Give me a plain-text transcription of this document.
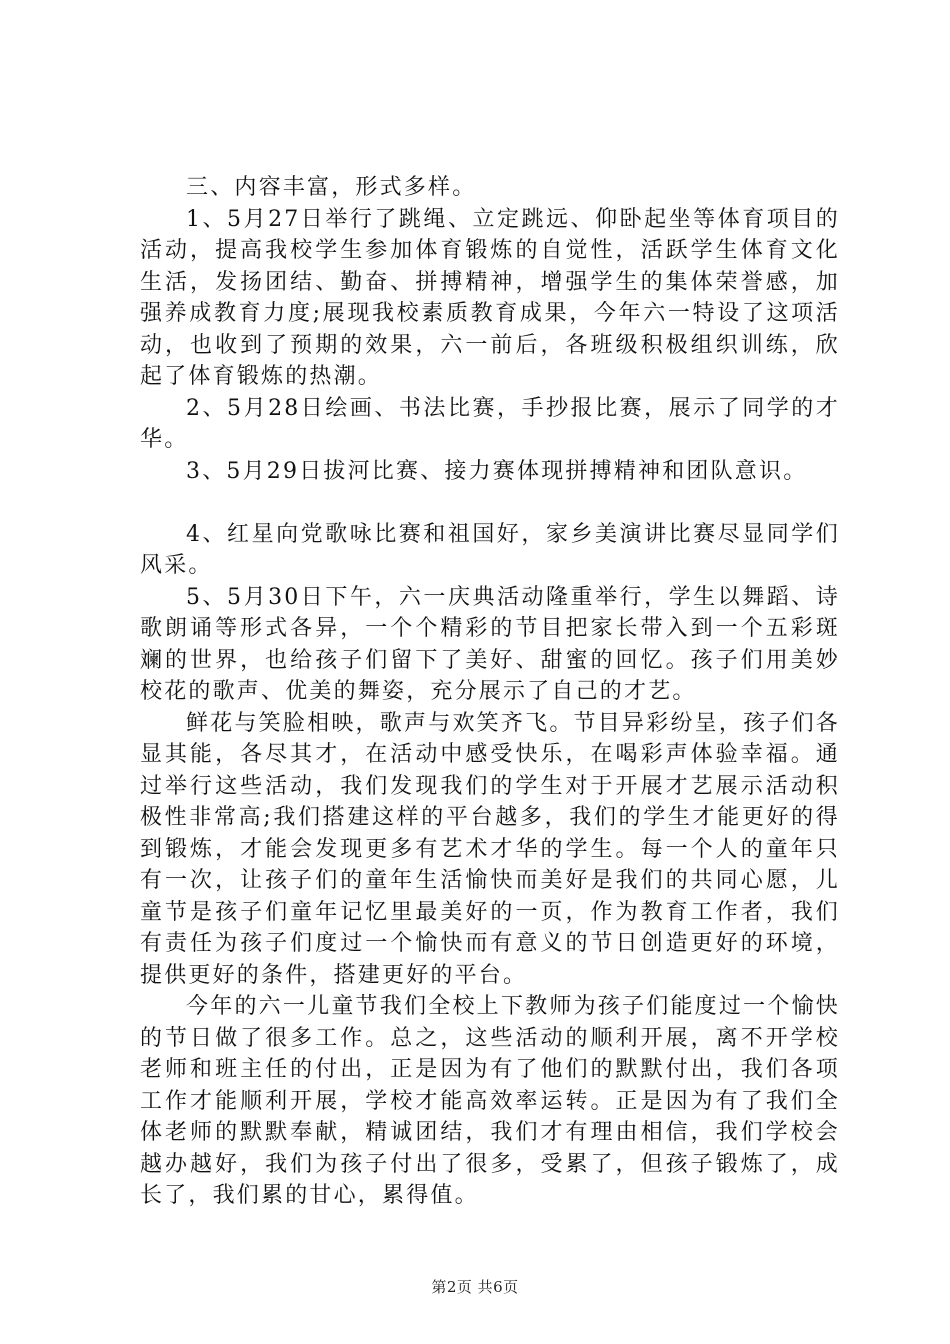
三、内容丰富，形式多样。

1、5月27日举行了跳绳、立定跳远、仰卧起坐等体育项目的活动，提高我校学生参加体育锻炼的自觉性，活跃学生体育文化生活，发扬团结、勤奋、拼搏精神，增强学生的集体荣誉感，加强养成教育力度;展现我校素质教育成果，今年六一特设了这项活动，也收到了预期的效果，六一前后，各班级积极组织训练，欣起了体育锻炼的热潮。

2、5月28日绘画、书法比赛，手抄报比赛，展示了同学的才华。

3、5月29日拔河比赛、接力赛体现拼搏精神和团队意识。

4、红星向党歌咏比赛和祖国好，家乡美演讲比赛尽显同学们风采。

5、5月30日下午，六一庆典活动隆重举行，学生以舞蹈、诗歌朗诵等形式各异，一个个精彩的节目把家长带入到一个五彩斑斓的世界，也给孩子们留下了美好、甜蜜的回忆。孩子们用美妙校花的歌声、优美的舞姿，充分展示了自己的才艺。

鲜花与笑脸相映，歌声与欢笑齐飞。节目异彩纷呈，孩子们各显其能，各尽其才，在活动中感受快乐，在喝彩声体验幸福。通过举行这些活动，我们发现我们的学生对于开展才艺展示活动积极性非常高;我们搭建这样的平台越多，我们的学生才能更好的得到锻炼，才能会发现更多有艺术才华的学生。每一个人的童年只有一次，让孩子们的童年生活愉快而美好是我们的共同心愿，儿童节是孩子们童年记忆里最美好的一页，作为教育工作者，我们有责任为孩子们度过一个愉快而有意义的节日创造更好的环境，提供更好的条件，搭建更好的平台。

今年的六一儿童节我们全校上下教师为孩子们能度过一个愉快的节日做了很多工作。总之，这些活动的顺利开展，离不开学校老师和班主任的付出，正是因为有了他们的默默付出，我们各项工作才能顺利开展，学校才能高效率运转。正是因为有了我们全体老师的默默奉献，精诚团结，我们才有理由相信，我们学校会越办越好，我们为孩子付出了很多，受累了，但孩子锻炼了，成长了，我们累的甘心，累得值。

第2页 共6页
